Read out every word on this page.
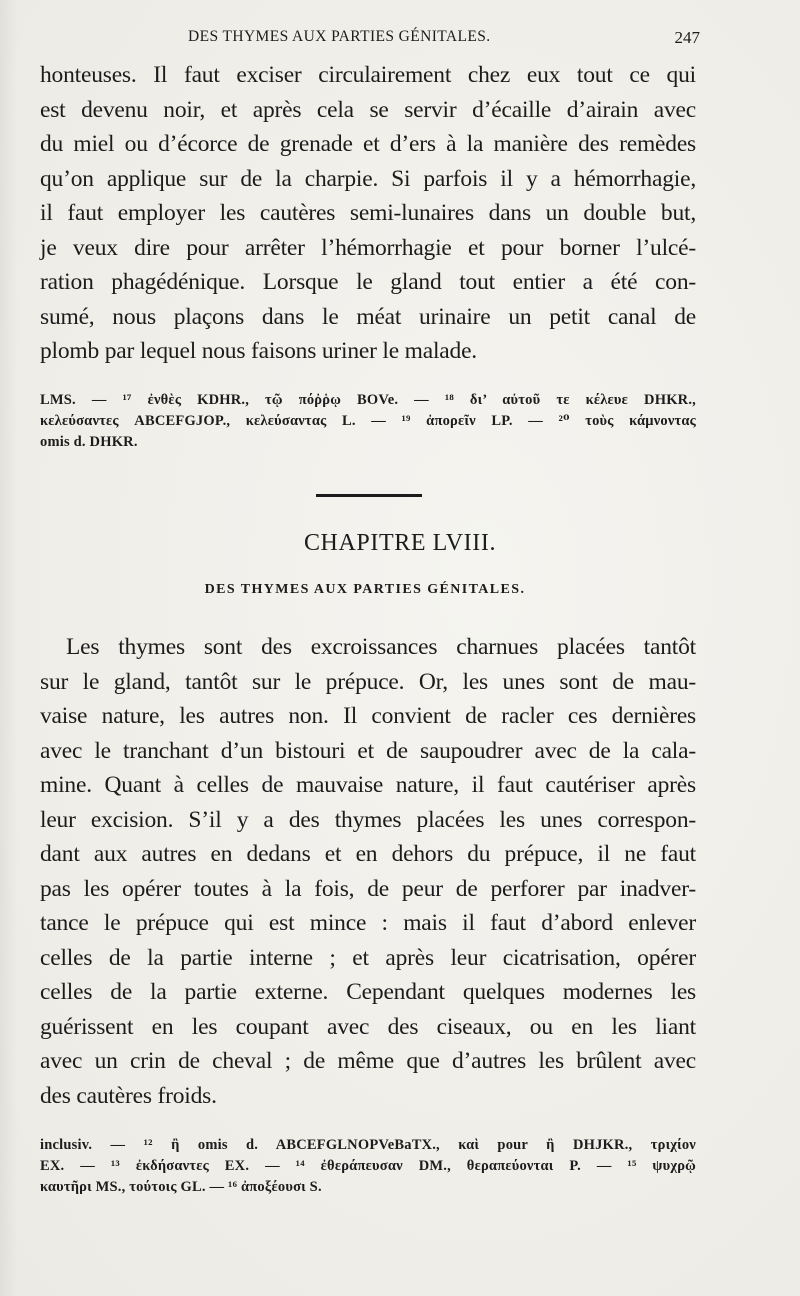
DES THYMES AUX PARTIES GÉNITALES.	247
honteuses. Il faut exciser circulairement chez eux tout ce qui
est devenu noir, et après cela se servir d’écaille d’airain avec
du miel ou d’écorce de grenade et d’ers à la manière des remèdes
qu’on applique sur de la charpie. Si parfois il y a hémorrhagie,
il faut employer les cautères semi-lunaires dans un double but,
je veux dire pour arrêter l’hémorrhagie et pour borner l’ulcé-
ration phagédénique. Lorsque le gland tout entier a été con-
sumé, nous plaçons dans le méat urinaire un petit canal de
plomb par lequel nous faisons uriner le malade.
LMS. — ¹⁷ ἐνθὲς KDHR., τῷ πόῤῥῳ BOVe. — ¹⁸ δι’ αὐτοῦ τε κέλευε DHKR.,
κελεύσαντες ABCEFGJOP., κελεύσαντας L. — ¹⁹ ἀπορεῖν LP. — ²⁰ τοὺς κάμνοντας
omis d. DHKR.
CHAPITRE LVIII.
DES THYMES AUX PARTIES GÉNITALES.
Les thymes sont des excroissances charnues placées tantôt
sur le gland, tantôt sur le prépuce. Or, les unes sont de mau-
vaise nature, les autres non. Il convient de racler ces dernières
avec le tranchant d’un bistouri et de saupoudrer avec de la cala-
mine. Quant à celles de mauvaise nature, il faut cautériser après
leur excision. S’il y a des thymes placées les unes correspon-
dant aux autres en dedans et en dehors du prépuce, il ne faut
pas les opérer toutes à la fois, de peur de perforer par inadver-
tance le prépuce qui est mince : mais il faut d’abord enlever
celles de la partie interne ; et après leur cicatrisation, opérer
celles de la partie externe. Cependant quelques modernes les
guérissent en les coupant avec des ciseaux, ou en les liant
avec un crin de cheval ; de même que d’autres les brûlent avec
des cautères froids.
inclusiv. — ¹² ἢ omis d. ABCEFGLNOPVeBaTX., καὶ pour ἢ DHJKR., τριχίον
EX. — ¹³ ἐκδήσαντες EX. — ¹⁴ ἐθεράπευσαν DM., θεραπεύονται P. — ¹⁵ ψυχρῷ
καυτῆρι MS., τούτοις GL. — ¹⁶ ἀποξέουσι S.
